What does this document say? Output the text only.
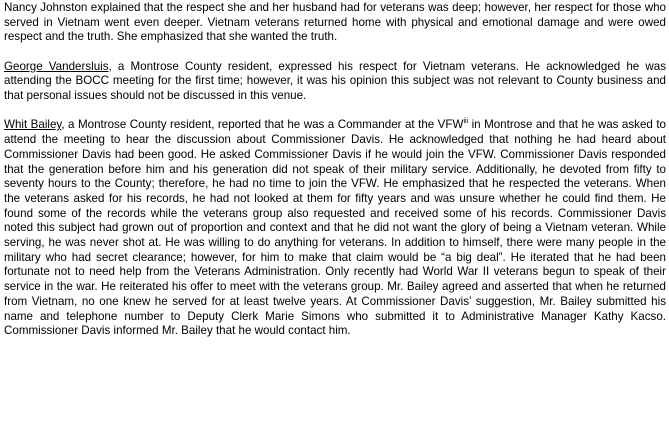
Nancy Johnston explained that the respect she and her husband had for veterans was deep; however, her respect for those who served in Vietnam went even deeper. Vietnam veterans returned home with physical and emotional damage and were owed respect and the truth. She emphasized that she wanted the truth.

George Vandersluis, a Montrose County resident, expressed his respect for Vietnam veterans. He acknowledged he was attending the BOCC meeting for the first time; however, it was his opinion this subject was not relevant to County business and that personal issues should not be discussed in this venue.

Whit Bailey, a Montrose County resident, reported that he was a Commander at the VFW$^{iii}$ in Montrose and that he was asked to attend the meeting to hear the discussion about Commissioner Davis. He acknowledged that nothing he had heard about Commissioner Davis had been good. He asked Commissioner Davis if he would join the VFW. Commissioner Davis responded that the generation before him and his generation did not speak of their military service. Additionally, he devoted from fifty to seventy hours to the County; therefore, he had no time to join the VFW. He emphasized that he respected the veterans. When the veterans asked for his records, he had not looked at them for fifty years and was unsure whether he could find them. He found some of the records while the veterans group also requested and received some of his records. Commissioner Davis noted this subject had grown out of proportion and context and that he did not want the glory of being a Vietnam veteran. While serving, he was never shot at. He was willing to do anything for veterans. In addition to himself, there were many people in the military who had secret clearance; however, for him to make that claim would be “a big deal”. He iterated that he had been fortunate not to need help from the Veterans Administration. Only recently had World War II veterans begun to speak of their service in the war. He reiterated his offer to meet with the veterans group. Mr. Bailey agreed and asserted that when he returned from Vietnam, no one knew he served for at least twelve years. At Commissioner Davis’ suggestion, Mr. Bailey submitted his name and telephone number to Deputy Clerk Marie Simons who submitted it to Administrative Manager Kathy Kacso. Commissioner Davis informed Mr. Bailey that he would contact him.
